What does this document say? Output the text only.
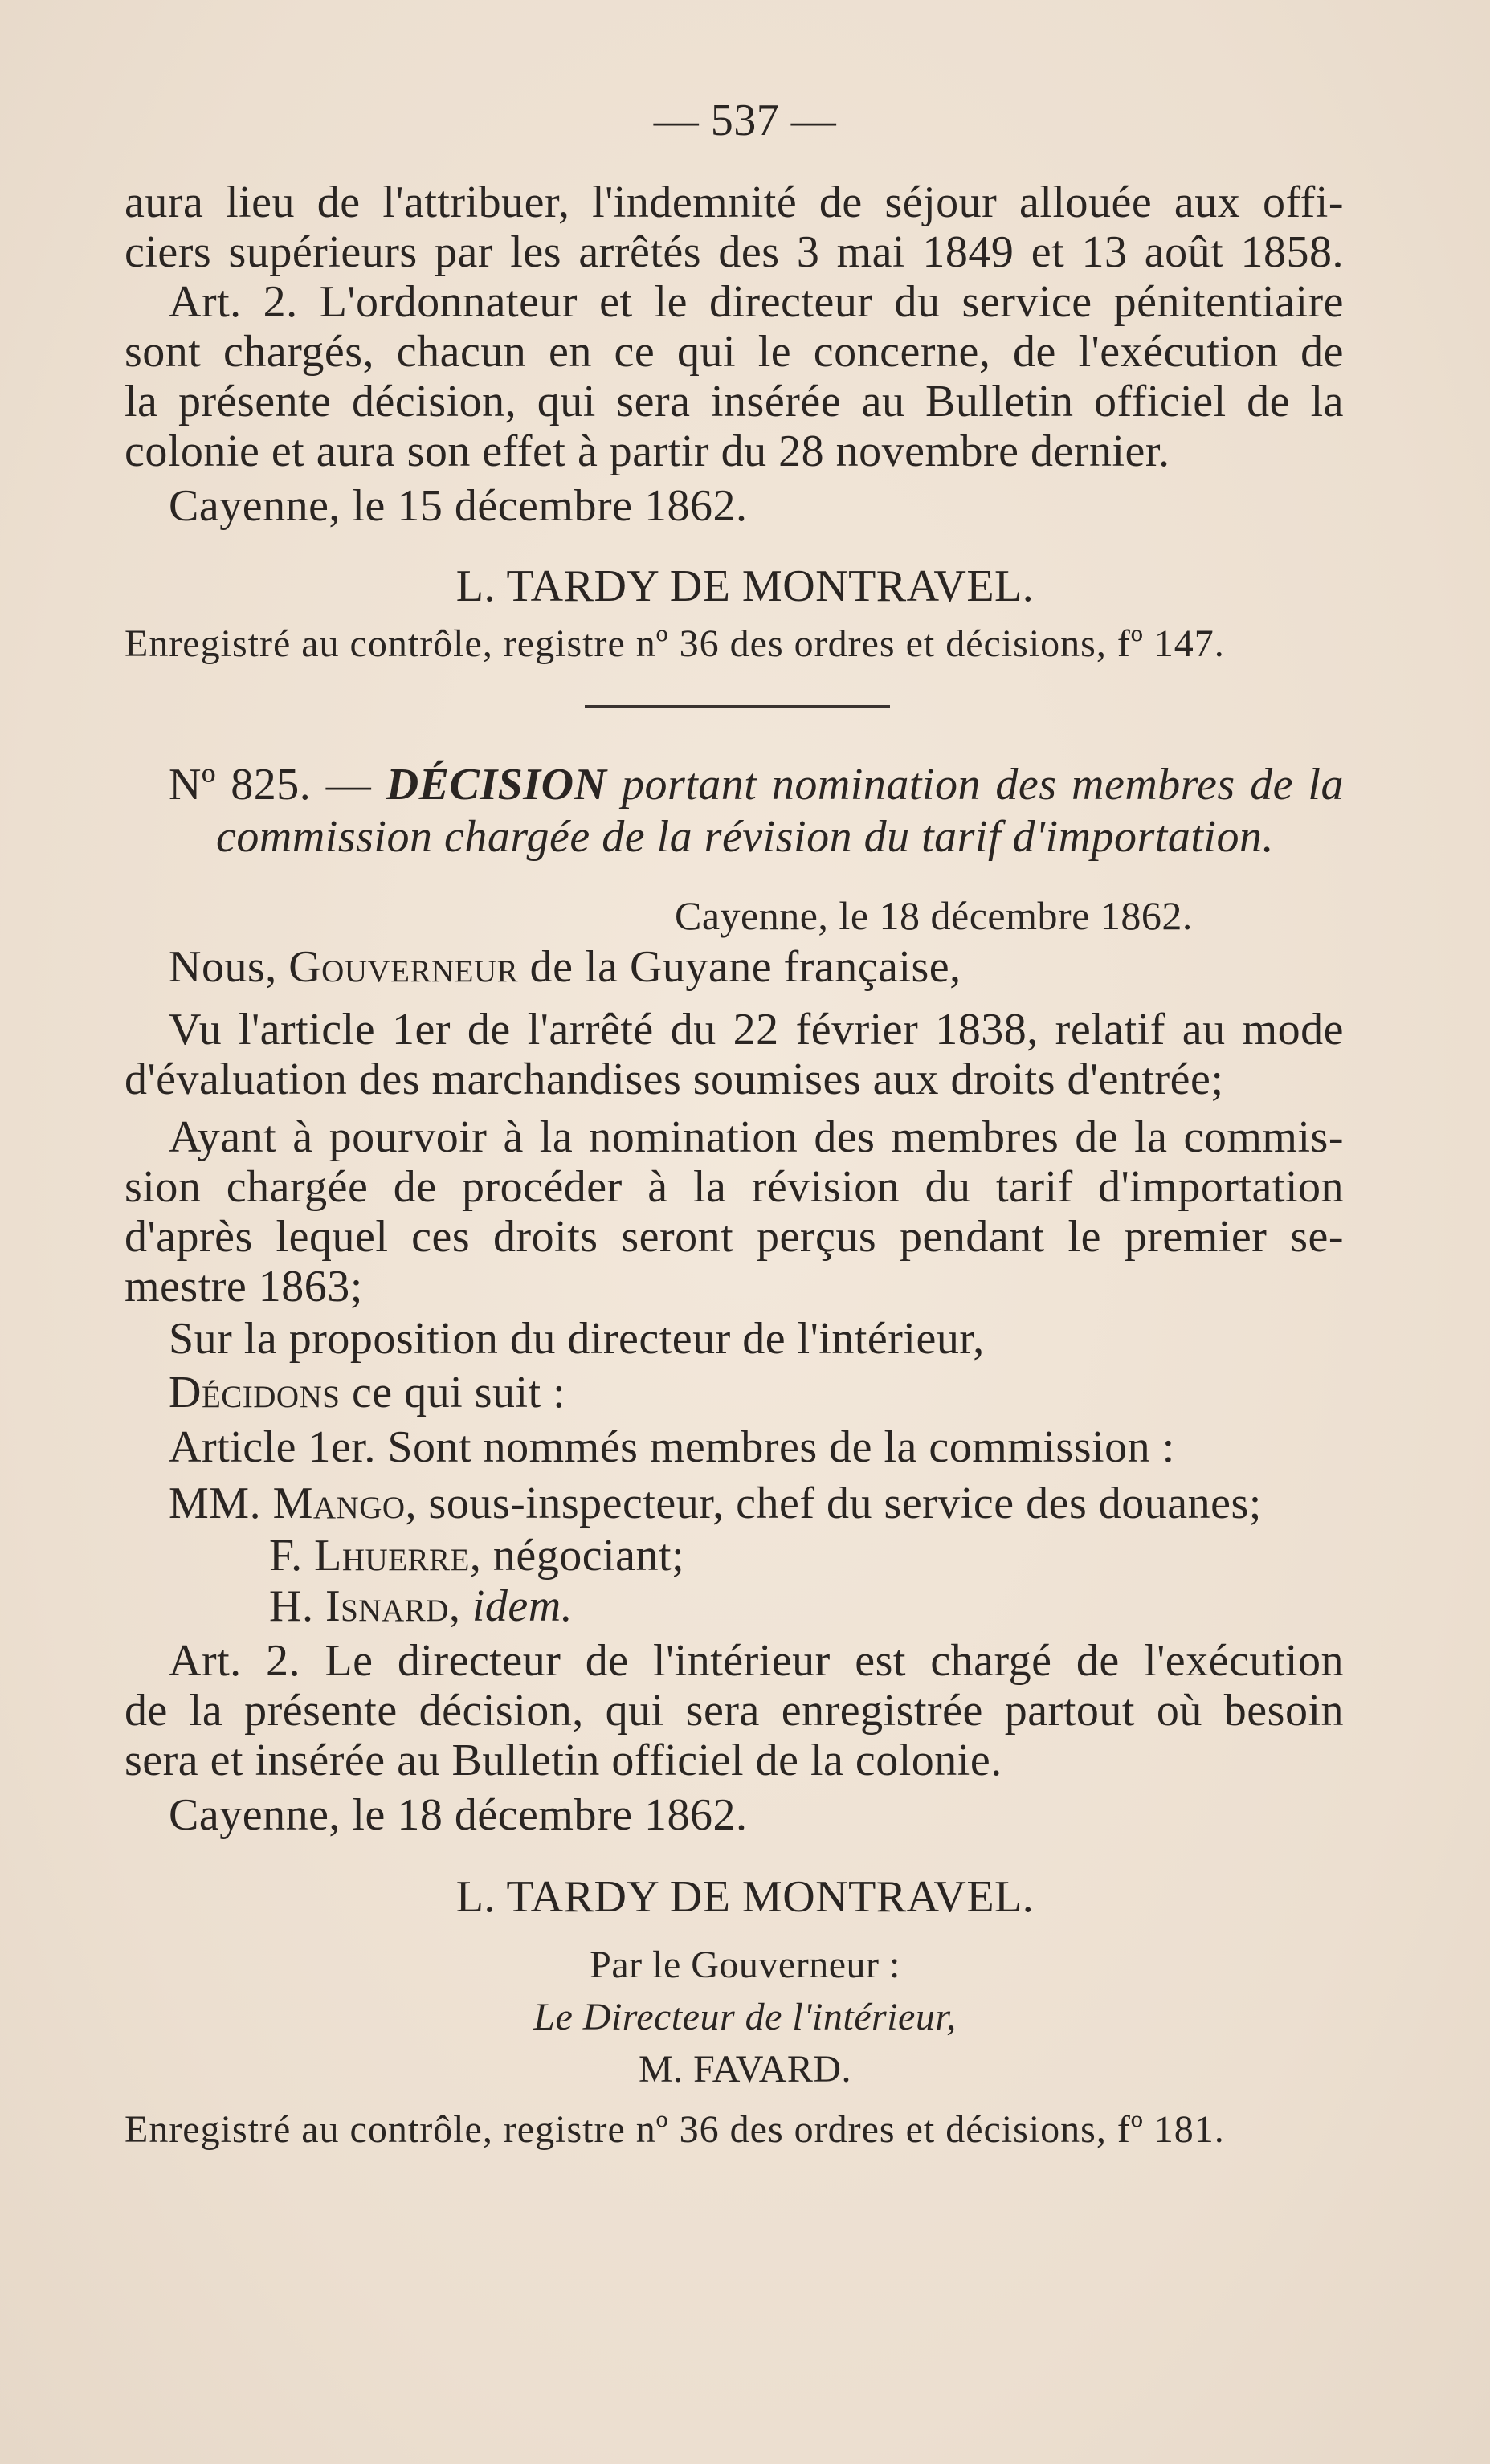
— 537 —
aura lieu de l'attribuer, l'indemnité de séjour allouée aux offi-
ciers supérieurs par les arrêtés des 3 mai 1849 et 13 août 1858.
Art. 2. L'ordonnateur et le directeur du service pénitentiaire
sont chargés, chacun en ce qui le concerne, de l'exécution de
la présente décision, qui sera insérée au Bulletin officiel de la
colonie et aura son effet à partir du 28 novembre dernier.
Cayenne, le 15 décembre 1862.
L. TARDY DE MONTRAVEL.
Enregistré au contrôle, registre nº 36 des ordres et décisions, fº 147.
Nº 825. — DÉCISION portant nomination des membres de la
commission chargée de la révision du tarif d'importation.
Cayenne, le 18 décembre 1862.
Nous, Gouverneur de la Guyane française,
Vu l'article 1er de l'arrêté du 22 février 1838, relatif au mode
d'évaluation des marchandises soumises aux droits d'entrée;
Ayant à pourvoir à la nomination des membres de la commis-
sion chargée de procéder à la révision du tarif d'importation
d'après lequel ces droits seront perçus pendant le premier se-
mestre 1863;
Sur la proposition du directeur de l'intérieur,
Décidons ce qui suit :
Article 1er. Sont nommés membres de la commission :
MM. Mango, sous-inspecteur, chef du service des douanes;
F. Lhuerre, négociant;
H. Isnard, idem.
Art. 2. Le directeur de l'intérieur est chargé de l'exécution
de la présente décision, qui sera enregistrée partout où besoin
sera et insérée au Bulletin officiel de la colonie.
Cayenne, le 18 décembre 1862.
L. TARDY DE MONTRAVEL.
Par le Gouverneur :
Le Directeur de l'intérieur,
M. FAVARD.
Enregistré au contrôle, registre nº 36 des ordres et décisions, fº 181.
